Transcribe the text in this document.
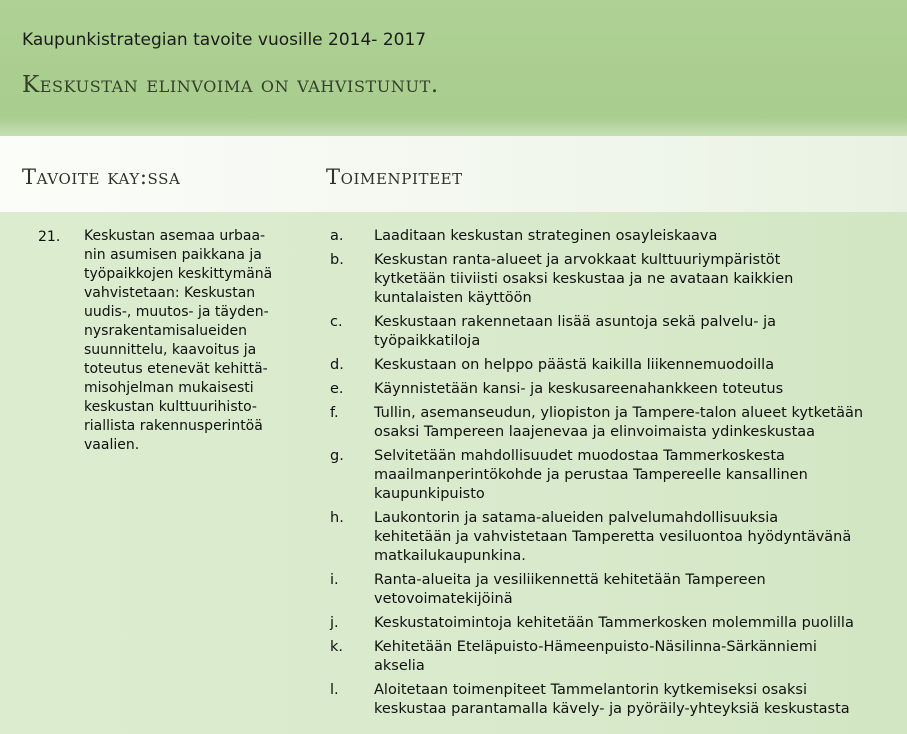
Kaupunkistrategian tavoite vuosille 2014- 2017
Keskustan elinvoima on vahvistunut.
Tavoite kay:ssa	Toimenpiteet
21. Keskustan asemaa urbaa-
nin asumisen paikkana ja
työpaikkojen keskittymänä
vahvistetaan: Keskustan
uudis-, muutos- ja täyden-
nysrakentamisalueiden
suunnittelu, kaavoitus ja
toteutus etenevät kehittä-
misohjelman mukaisesti
keskustan kulttuurihisto-
riallista rakennusperintöä
vaalien.
a. Laaditaan keskustan strateginen osayleiskaava
b. Keskustan ranta-alueet ja arvokkaat kulttuuriympäristöt
kytketään tiiviisti osaksi keskustaa ja ne avataan kaikkien
kuntalaisten käyttöön
c. Keskustaan rakennetaan lisää asuntoja sekä palvelu- ja
työpaikkatiloja
d. Keskustaan on helppo päästä kaikilla liikennemuodoilla
e. Käynnistetään kansi- ja keskusareenahankkeen toteutus
f. Tullin, asemanseudun, yliopiston ja Tampere-talon alueet kytketään
osaksi Tampereen laajenevaa ja elinvoimaista ydinkeskustaa
g. Selvitetään mahdollisuudet muodostaa Tammerkoskesta
maailmanperintökohde ja perustaa Tampereelle kansallinen
kaupunkipuisto
h. Laukontorin ja satama-alueiden palvelumahdollisuuksia
kehitetään ja vahvistetaan Tamperetta vesiluontoa hyödyntävänä
matkailukaupunkina.
i. Ranta-alueita ja vesiliikennettä kehitetään Tampereen
vetovoimatekijöinä
j. Keskustatoimintoja kehitetään Tammerkosken molemmilla puolilla
k. Kehitetään Eteläpuisto-Hämeenpuisto-Näsilinna-Särkänniemi
akselia
l. Aloitetaan toimenpiteet Tammelantorin kytkemiseksi osaksi
keskustaa parantamalla kävely- ja pyöräily-yhteyksiä keskustasta
